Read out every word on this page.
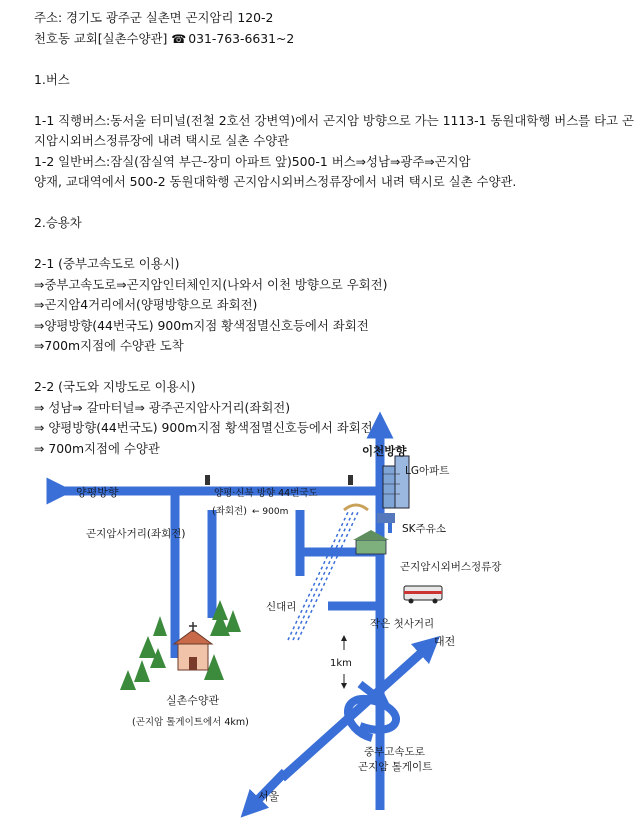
주소: 경기도 광주군 실촌면 곤지암리 120-2

천호동 교회[실촌수양관] ☎ 031-763-6631~2

1.버스

1-1 직행버스:동서울 터미널(전철 2호선 강변역)에서 곤지암 방향으로 가는 1113-1 동원대학행 버스를 타고 곤

지암시외버스정류장에 내려 택시로 실촌 수양관

1-2 일반버스:잠실(잠실역 부근-장미 아파트 앞)500-1 버스⇒성남⇒광주⇒곤지암

양재, 교대역에서 500-2 동원대학행 곤지암시외버스정류장에서 내려 택시로 실촌 수양관.

2.승용차

2-1 (중부고속도로 이용시)

⇒중부고속도로⇒곤지암인터체인지(나와서 이천 방향으로 우회전)

⇒곤지암4거리에서(양평방향으로 좌회전)

⇒양평방향(44번국도) 900m지점 황색점멸신호등에서 좌회전

⇒700m지점에 수양관 도착

2-2 (국도와 지방도로 이용시)

⇒ 성남⇒ 갈마터널⇒ 광주곤지암사거리(좌회전)

⇒ 양평방향(44번국도) 900m지점 황색점멸신호등에서 좌회전

⇒ 700m지점에 수양관

양평방향
이천방향
LG아파트
양평·신북 방향 44번국도
(좌회전) ← 900m
곤지암사거리(좌회전)	SK주유소
곤지암시외버스정류장
신대리
작은 첫사거리
대전
1km
실촌수양관
(곤지암 톨게이트에서 4km)
중부고속도로
곤지암 톨게이트
서울
